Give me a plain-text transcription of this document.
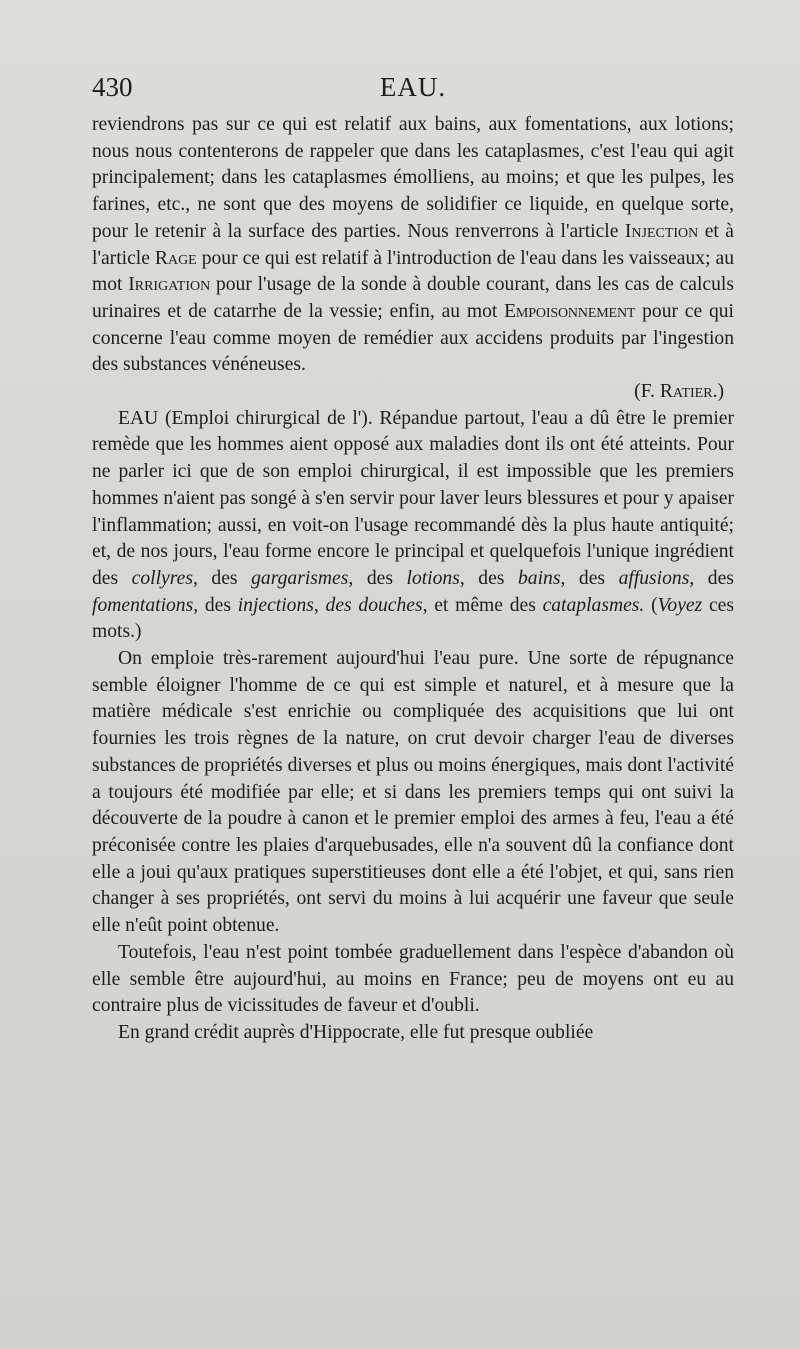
430	EAU.

reviendrons pas sur ce qui est relatif aux bains, aux fomentations, aux lotions; nous nous contenterons de rappeler que dans les cataplasmes, c'est l'eau qui agit principalement; dans les cataplasmes émolliens, au moins; et que les pulpes, les farines, etc., ne sont que des moyens de solidifier ce liquide, en quelque sorte, pour le retenir à la surface des parties. Nous renverrons à l'article Injection et à l'article Rage pour ce qui est relatif à l'introduction de l'eau dans les vaisseaux; au mot Irrigation pour l'usage de la sonde à double courant, dans les cas de calculs urinaires et de catarrhe de la vessie; enfin, au mot Empoisonnement pour ce qui concerne l'eau comme moyen de remédier aux accidens produits par l'ingestion des substances vénéneuses.

(F. Ratier.)

EAU (Emploi chirurgical de l'). Répandue partout, l'eau a dû être le premier remède que les hommes aient opposé aux maladies dont ils ont été atteints. Pour ne parler ici que de son emploi chirurgical, il est impossible que les premiers hommes n'aient pas songé à s'en servir pour laver leurs blessures et pour y apaiser l'inflammation; aussi, en voit-on l'usage recommandé dès la plus haute antiquité; et, de nos jours, l'eau forme encore le principal et quelquefois l'unique ingrédient des collyres, des gargarismes, des lotions, des bains, des affusions, des fomentations, des injections, des douches, et même des cataplasmes. (Voyez ces mots.)

On emploie très-rarement aujourd'hui l'eau pure. Une sorte de répugnance semble éloigner l'homme de ce qui est simple et naturel, et à mesure que la matière médicale s'est enrichie ou compliquée des acquisitions que lui ont fournies les trois règnes de la nature, on crut devoir charger l'eau de diverses substances de propriétés diverses et plus ou moins énergiques, mais dont l'activité a toujours été modifiée par elle; et si dans les premiers temps qui ont suivi la découverte de la poudre à canon et le premier emploi des armes à feu, l'eau a été préconisée contre les plaies d'arquebusades, elle n'a souvent dû la confiance dont elle a joui qu'aux pratiques superstitieuses dont elle a été l'objet, et qui, sans rien changer à ses propriétés, ont servi du moins à lui acquérir une faveur que seule elle n'eût point obtenue.

Toutefois, l'eau n'est point tombée graduellement dans l'espèce d'abandon où elle semble être aujourd'hui, au moins en France; peu de moyens ont eu au contraire plus de vicissitudes de faveur et d'oubli.

En grand crédit auprès d'Hippocrate, elle fut presque oubliée
